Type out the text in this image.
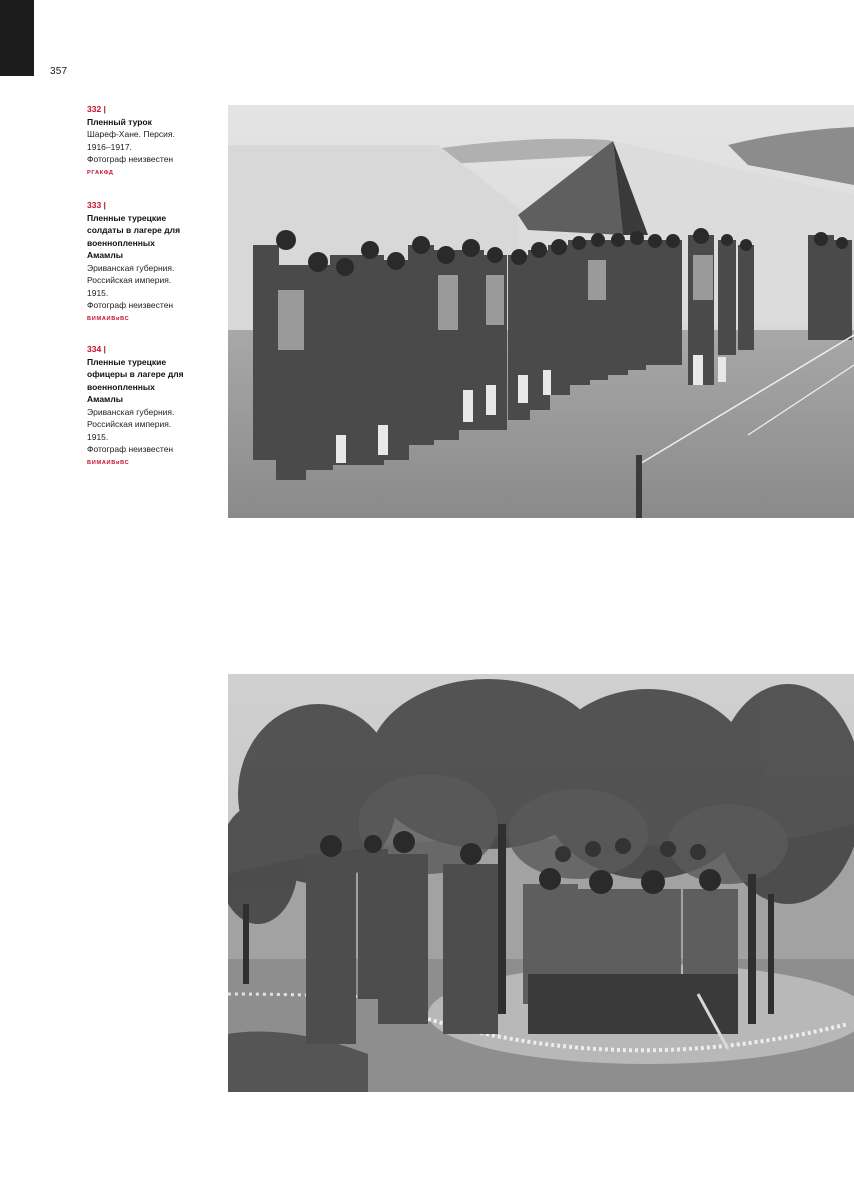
357
332 |
Пленный турок
Шареф-Хане. Персия. 1916–1917.
Фотограф неизвестен
РГАКФД
333 |
Пленные турецкие солдаты в лагере для военнопленных Амамлы
Эриванская губерния. Российская империя. 1915.
Фотограф неизвестен
ВИМАИВиВС
334 |
Пленные турецкие офицеры в лагере для военнопленных Амамлы
Эриванская губерния. Российская империя. 1915.
Фотограф неизвестен
ВИМАИВиВС
